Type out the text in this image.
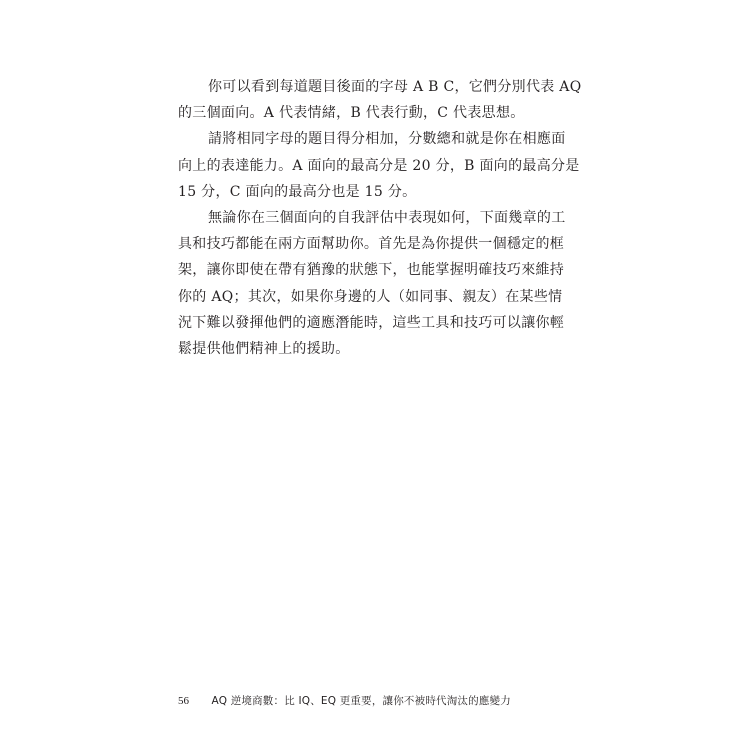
你可以看到每道題目後面的字母 A B C，它們分別代表 AQ
的三個面向。A 代表情緒，B 代表行動，C 代表思想。

請將相同字母的題目得分相加，分數總和就是你在相應面
向上的表達能力。A 面向的最高分是 20 分，B 面向的最高分是
15 分，C 面向的最高分也是 15 分。

無論你在三個面向的自我評估中表現如何，下面幾章的工
具和技巧都能在兩方面幫助你。首先是為你提供一個穩定的框
架，讓你即使在帶有猶豫的狀態下，也能掌握明確技巧來維持
你的 AQ；其次，如果你身邊的人（如同事、親友）在某些情
況下難以發揮他們的適應潛能時，這些工具和技巧可以讓你輕
鬆提供他們精神上的援助。

56 AQ 逆境商數：比 IQ、EQ 更重要，讓你不被時代淘汰的應變力
